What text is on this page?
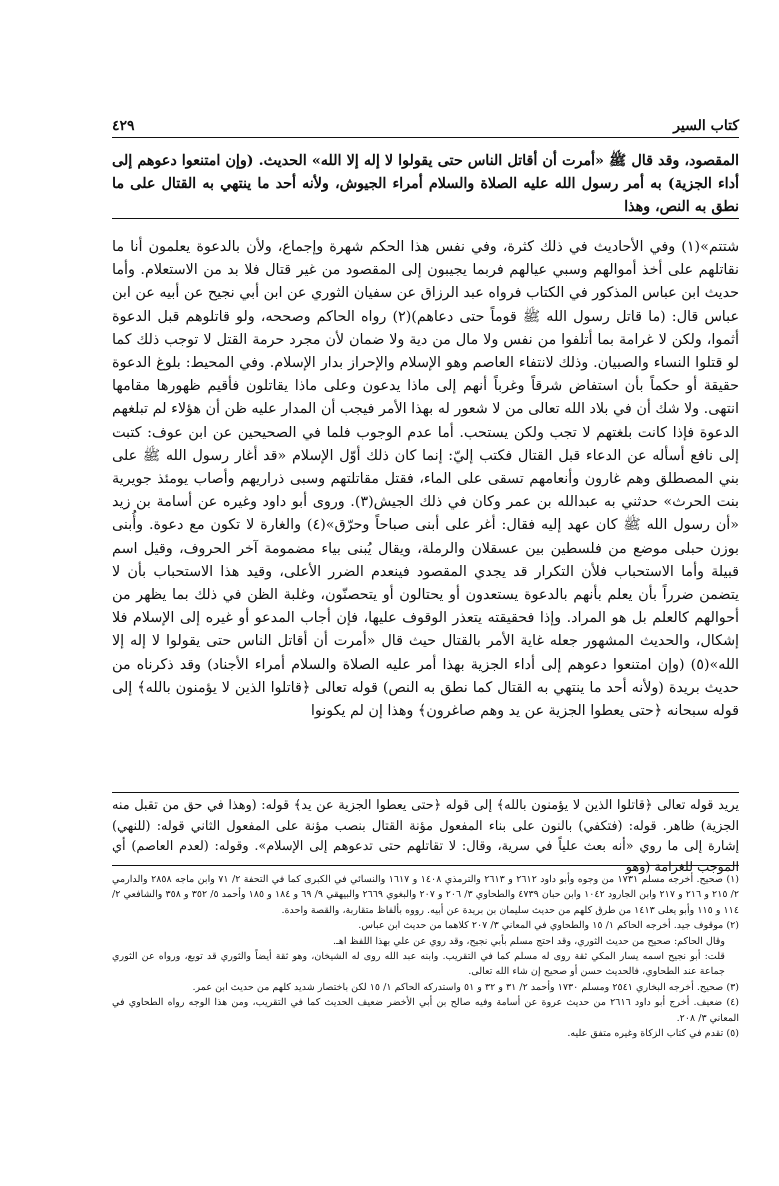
كتاب السير
٤٢٩
المقصود، وقد قال ﷺ «أمرت أن أقاتل الناس حتى يقولوا لا إله إلا الله» الحديث. (وإن امتنعوا دعوهم إلى أداء الجزية) به أمر رسول الله عليه الصلاة والسلام أمراء الجيوش، ولأنه أحد ما ينتهي به القتال على ما نطق به النص، وهذا
شتتم»(١) وفي الأحاديث في ذلك كثرة، وفي نفس هذا الحكم شهرة وإجماع، ولأن بالدعوة يعلمون أنا ما نقاتلهم على أخذ أموالهم وسبي عيالهم فربما يجيبون إلى المقصود من غير قتال فلا بد من الاستعلام. وأما حديث ابن عباس المذكور في الكتاب فرواه عبد الرزاق عن سفيان الثوري عن ابن أبي نجيح عن أبيه عن ابن عباس قال: (ما قاتل رسول الله ﷺ قوماً حتى دعاهم)(٢) رواه الحاكم وصححه، ولو قاتلوهم قبل الدعوة أثموا، ولكن لا غرامة بما أتلفوا من نفس ولا مال من دية ولا ضمان لأن مجرد حرمة القتل لا توجب ذلك كما لو قتلوا النساء والصبيان. وذلك لانتفاء العاصم وهو الإسلام والإحراز بدار الإسلام. وفي المحيط: بلوغ الدعوة حقيقة أو حكماً بأن استفاض شرقاً وغرباً أنهم إلى ماذا يدعون وعلى ماذا يقاتلون فأقيم ظهورها مقامها انتهى. ولا شك أن في بلاد الله تعالى من لا شعور له بهذا الأمر فيجب أن المدار عليه ظن أن هؤلاء لم تبلغهم الدعوة فإذا كانت بلغتهم لا تجب ولكن يستحب. أما عدم الوجوب فلما في الصحيحين عن ابن عوف: كتبت إلى نافع أسأله عن الدعاء قبل القتال فكتب إليّ: إنما كان ذلك أوّل الإسلام «قد أغار رسول الله ﷺ على بني المصطلق وهم غارون وأنعامهم تسقى على الماء، فقتل مقاتلتهم وسبى ذراريهم وأصاب يومئذ جويرية بنت الحرث» حدثني به عبدالله بن عمر وكان في ذلك الجيش(٣). وروى أبو داود وغيره عن أسامة بن زيد «أن رسول الله ﷺ كان عهد إليه فقال: أغر على أبنى صباحاً وحرّق»(٤) والغارة لا تكون مع دعوة. وأُبنى بوزن حبلى موضع من فلسطين بين عسقلان والرملة، ويقال يُبنى بياء مضمومة آخر الحروف، وقيل اسم قبيلة وأما الاستحباب فلأن التكرار قد يجدي المقصود فينعدم الضرر الأعلى، وقيد هذا الاستحباب بأن لا يتضمن ضرراً بأن يعلم بأنهم بالدعوة يستعدون أو يحتالون أو يتحصنّون، وغلبة الظن في ذلك بما يظهر من أحوالهم كالعلم بل هو المراد. وإذا فحقيقته يتعذر الوقوف عليها، فإن أجاب المدعو أو غيره إلى الإسلام فلا إشكال، والحديث المشهور جعله غاية الأمر بالقتال حيث قال «أمرت أن أقاتل الناس حتى يقولوا لا إله إلا الله»(٥) (وإن امتنعوا دعوهم إلى أداء الجزية بهذا أمر عليه الصلاة والسلام أمراء الأجناد) وقد ذكرناه من حديث بريدة (ولأنه أحد ما ينتهي به القتال كما نطق به النص) قوله تعالى ﴿قاتلوا الذين لا يؤمنون بالله﴾ إلى قوله سبحانه ﴿حتى يعطوا الجزية عن يد وهم صاغرون﴾ وهذا إن لم يكونوا
يريد قوله تعالى ﴿قاتلوا الذين لا يؤمنون بالله﴾ إلى قوله ﴿حتى يعطوا الجزية عن يد﴾ قوله: (وهذا في حق من تقبل منه الجزية) ظاهر. قوله: (فتكفي) بالنون على بناء المفعول مؤنة القتال بنصب مؤنة على المفعول الثاني قوله: (للنهي) إشارة إلى ما روي «أنه بعث علياً في سرية، وقال: لا تقاتلهم حتى تدعوهم إلى الإسلام». وقوله: (لعدم العاصم) أي الموجب للغرامة (وهو

(١) صحيح. أخرجه مسلم ١٧٣١ من وجوه وأبو داود ٢٦١٢ و ٢٦١٣ والترمذي ١٤٠٨ و ١٦١٧ والنسائي في الكبرى كما في التحفة ٢/ ٧١ وابن ماجه ٢٨٥٨ والدارمي ٢/ ٢١٥ و ٢١٦ و ٢١٧ وابن الجارود ١٠٤٢ وابن حبان ٤٧٣٩ والطحاوي ٣/ ٢٠٦ و ٢٠٧ والبغوي ٢٦٦٩ والبيهقي ٩/ ٦٩ و ١٨٤ و ١٨٥ وأحمد ٥/ ٣٥٢ و ٣٥٨ والشافعي ٢/ ١١٤ و ١١٥ وأبو يعلى ١٤١٣ من طرق كلهم من حديث سليمان بن بريدة عن أبيه. رووه بألفاظ متقاربة، والقصة واحدة.

(٢) موقوف جيد. أخرجه الحاكم ١/ ١٥ والطحاوي في المعاني ٣/ ٢٠٧ كلاهما من حديث ابن عباس.

وقال الحاكم: صحيح من حديث الثوري، وقد احتج مسلم بأبي نجيح، وقد روي عن علي بهذا اللفظ اهـ.

قلت: أبو نجيح اسمه يسار المكي ثقة روى له مسلم كما في التقريب. وابنه عبد الله روى له الشيخان، وهو ثقة أيضاً والثوري قد توبع، ورواه عن الثوري جماعة عند الطحاوي، فالحديث حسن أو صحيح إن شاء الله تعالى.

(٣) صحيح. أخرجه البخاري ٢٥٤١ ومسلم ١٧٣٠ وأحمد ٢/ ٣١ و ٣٢ و ٥١ واستدركه الحاكم ١/ ١٥ لكن باختصار شديد كلهم من حديث ابن عمر.

(٤) ضعيف. أخرج أبو داود ٢٦١٦ من حديث عروة عن أسامة وفيه صالح بن أبي الأخضر ضعيف الحديث كما في التقريب، ومن هذا الوجه رواه الطحاوي في المعاني ٣/ ٢٠٨.

(٥) تقدم في كتاب الزكاة وغيره متفق عليه.
